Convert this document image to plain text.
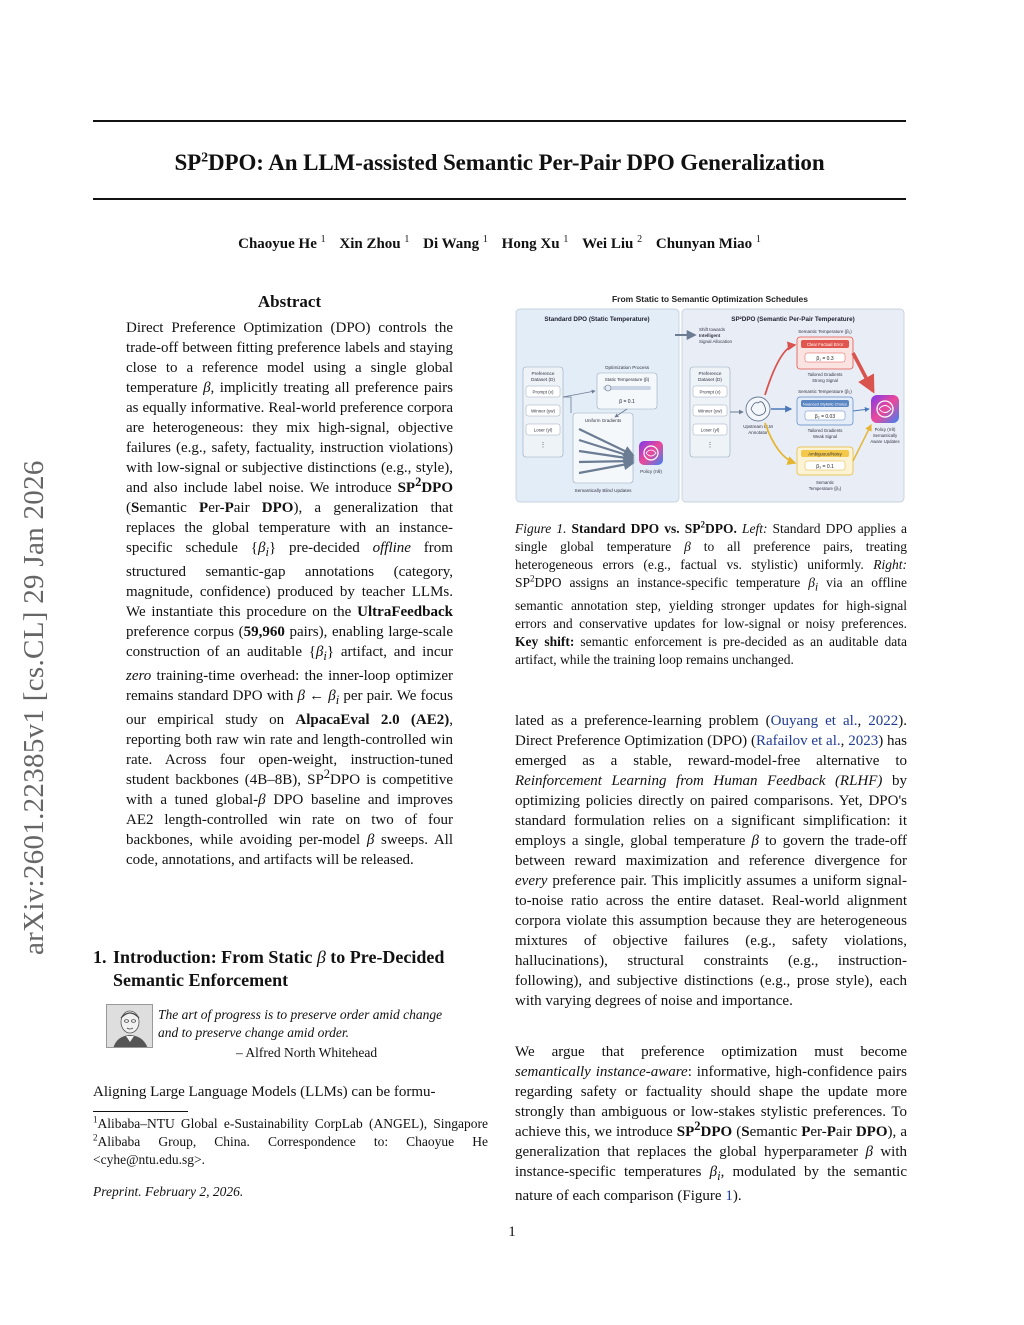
$SP^2DPO$: An LLM-assisted Semantic Per-Pair DPO Generalization
Chaoyue He $^1$ Xin Zhou $^1$ Di Wang $^1$ Hong Xu $^1$ Wei Liu $^2$ Chunyan Miao $^1$
arXiv:2601.22385v1 [cs.CL] 29 Jan 2026
Abstract

Direct Preference Optimization (DPO) controls the trade-off between fitting preference labels and staying close to a reference model using a single global temperature β, implicitly treating all preference pairs as equally informative. Real-world preference corpora are heterogeneous: they mix high-signal, objective failures (e.g., safety, factuality, instruction violations) with low-signal or subjective distinctions (e.g., style), and also include label noise. We introduce $SP^2DPO$ (Semantic Per-Pair DPO), a generalization that replaces the global temperature with an instance-specific schedule $\{\beta_i\}$ pre-decided offline from structured semantic-gap annotations (category, magnitude, confidence) produced by teacher LLMs. We instantiate this procedure on the UltraFeedback preference corpus (59,960 pairs), enabling large-scale construction of an auditable $\{\beta_i\}$ artifact, and incur zero training-time overhead: the inner-loop optimizer remains standard DPO with β ← $\beta_i$ per pair. We focus our empirical study on AlpacaEval 2.0 (AE2), reporting both raw win rate and length-controlled win rate. Across four open-weight, instruction-tuned student backbones (4B–8B), $SP^2DPO$ is competitive with a tuned global-β DPO baseline and improves AE2 length-controlled win rate on two of four backbones, while avoiding per-model β sweeps. All code, annotations, and artifacts will be released.

1. Introduction: From Static β to Pre-Decided
Semantic Enforcement

The art of progress is to preserve order amid change and to preserve change amid order.

– Alfred North Whitehead

Aligning Large Language Models (LLMs) can be formu-

$^1$Alibaba–NTU Global e-Sustainability CorpLab (ANGEL), Singapore $^2$Alibaba Group, China. Correspondence to: Chaoyue He <cyhe@ntu.edu.sg>.

Preprint. February 2, 2026.

From Static to Semantic Optimization Schedules
Standard DPO (Static Temperature)
Preference Dataset (D)
Prompt (x)
Winner (yw)
Loser (yl)
⋮
Optimization Process
Static Temperature (β)
β = 0.1
Uniform Gradients
Policy (πθ)
Semantically Blind Updates
SP²DPO (Semantic Per-Pair Temperature)
Shift towards Intelligent Signal Allocation
Preference Dataset (D)
Prompt (x)
Winner (yw)
Loser (yl)
⋮
Upstream LLM Annotator
Semantic Temperature (β₁)
Clear Factual Error
β₁ = 0.3
Tailored Gradients Strong Signal
Semantic Temperature (β₂)
Nuanced Stylistic Choice
β₂ = 0.03
Tailored Gradients Weak Signal
Ambiguous/Noisy
β₃ = 0.1
Semantic Temperature (β₃)
Policy (πθ) Semantically Aware Updates

Figure 1. Standard DPO vs. $SP^2DPO$. Left: Standard DPO applies a single global temperature β to all preference pairs, treating heterogeneous errors (e.g., factual vs. stylistic) uniformly. Right: $SP^2DPO$ assigns an instance-specific temperature $\beta_i$ via an offline semantic annotation step, yielding stronger updates for high-signal errors and conservative updates for low-signal or noisy preferences. Key shift: semantic enforcement is pre-decided as an auditable data artifact, while the training loop remains unchanged.

lated as a preference-learning problem (Ouyang et al., 2022). Direct Preference Optimization (DPO) (Rafailov et al., 2023) has emerged as a stable, reward-model-free alternative to Reinforcement Learning from Human Feedback (RLHF) by optimizing policies directly on paired comparisons. Yet, DPO's standard formulation relies on a significant simplification: it employs a single, global temperature β to govern the trade-off between reward maximization and reference divergence for every preference pair. This implicitly assumes a uniform signal-to-noise ratio across the entire dataset. Real-world alignment corpora violate this assumption because they are heterogeneous mixtures of objective failures (e.g., safety violations, hallucinations), structural constraints (e.g., instruction-following), and subjective distinctions (e.g., prose style), each with varying degrees of noise and importance.

We argue that preference optimization must become semantically instance-aware: informative, high-confidence pairs regarding safety or factuality should shape the update more strongly than ambiguous or low-stakes stylistic preferences. To achieve this, we introduce $SP^2DPO$ (Semantic Per-Pair DPO), a generalization that replaces the global hyperparameter β with instance-specific temperatures $\beta_i$, modulated by the semantic nature of each comparison (Figure 1).

1
